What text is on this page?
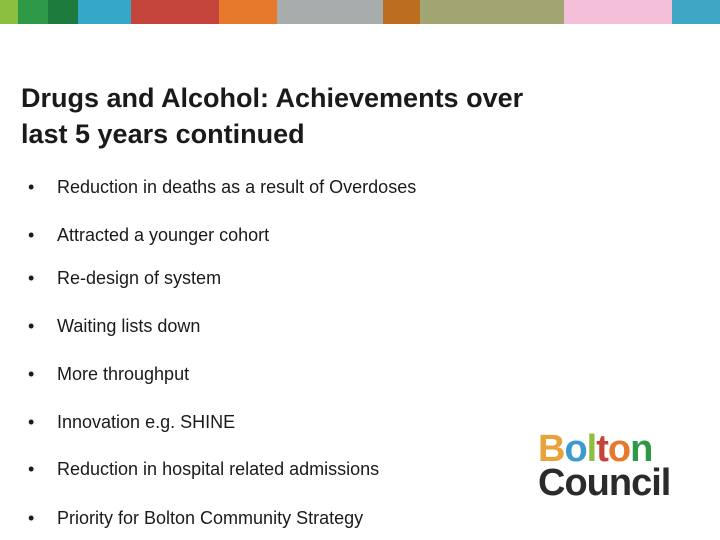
Drugs and Alcohol: Achievements over
last 5 years continued
• Reduction in deaths as a result of Overdoses
• Attracted a younger cohort
• Re-design of system
• Waiting lists down
• More throughput
• Innovation e.g. SHINE
• Reduction in hospital related admissions
• Priority for Bolton Community Strategy
Bolton
Council
